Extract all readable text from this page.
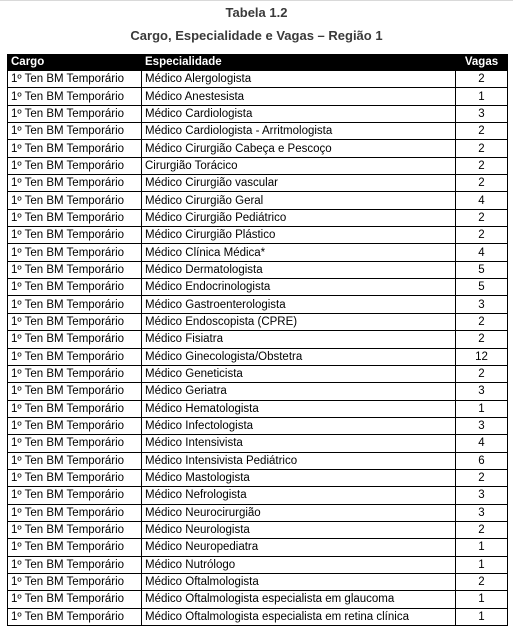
Tabela 1.2
Cargo, Especialidade e Vagas – Região 1
Cargo	Especialidade	Vagas
1º Ten BM Temporário	Médico Alergologista	2
1º Ten BM Temporário	Médico Anestesista	1
1º Ten BM Temporário	Médico Cardiologista	3
1º Ten BM Temporário	Médico Cardiologista - Arritmologista	2
1º Ten BM Temporário	Médico Cirurgião Cabeça e Pescoço	2
1º Ten BM Temporário	Cirurgião Torácico	2
1º Ten BM Temporário	Médico Cirurgião vascular	2
1º Ten BM Temporário	Médico Cirurgião Geral	4
1º Ten BM Temporário	Médico Cirurgião Pediátrico	2
1º Ten BM Temporário	Médico Cirurgião Plástico	2
1º Ten BM Temporário	Médico Clínica Médica*	4
1º Ten BM Temporário	Médico Dermatologista	5
1º Ten BM Temporário	Médico Endocrinologista	5
1º Ten BM Temporário	Médico Gastroenterologista	3
1º Ten BM Temporário	Médico Endoscopista (CPRE)	2
1º Ten BM Temporário	Médico Fisiatra	2
1º Ten BM Temporário	Médico Ginecologista/Obstetra	12
1º Ten BM Temporário	Médico Geneticista	2
1º Ten BM Temporário	Médico Geriatra	3
1º Ten BM Temporário	Médico Hematologista	1
1º Ten BM Temporário	Médico Infectologista	3
1º Ten BM Temporário	Médico Intensivista	4
1º Ten BM Temporário	Médico Intensivista Pediátrico	6
1º Ten BM Temporário	Médico Mastologista	2
1º Ten BM Temporário	Médico Nefrologista	3
1º Ten BM Temporário	Médico Neurocirurgião	3
1º Ten BM Temporário	Médico Neurologista	2
1º Ten BM Temporário	Médico Neuropediatra	1
1º Ten BM Temporário	Médico Nutrólogo	1
1º Ten BM Temporário	Médico Oftalmologista	2
1º Ten BM Temporário	Médico Oftalmologista especialista em glaucoma	1
1º Ten BM Temporário	Médico Oftalmologista especialista em retina clínica	1
